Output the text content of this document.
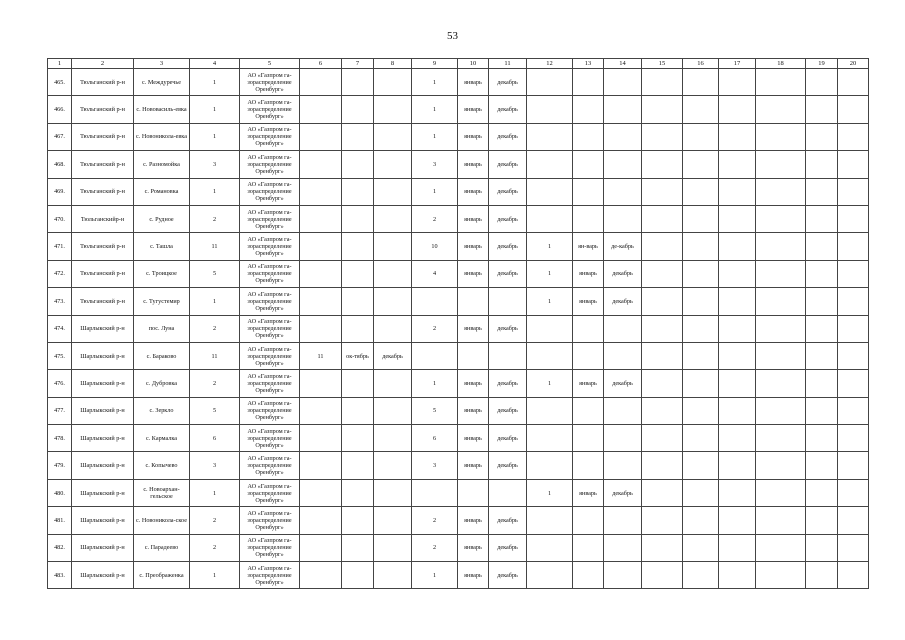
53
1	2	3	4	5	6	7	8	9	10	11	12	13	14	15	16	17	18	19	20
465.	Тюльганский р-н	с. Междуречье	1	АО «Газпром га-
зораспределение
Оренбург»				1	январь	декабрь									
466.	Тюльганский р-н	с. Нововасиль-евка	1	АО «Газпром га-
зораспределение
Оренбург»				1	январь	декабрь									
467.	Тюльганский р-н	с. Новоникола-евка	1	АО «Газпром га-
зораспределение
Оренбург»				1	январь	декабрь									
468.	Тюльганский р-н	с. Разномойка	3	АО «Газпром га-
зораспределение
Оренбург»				3	январь	декабрь									
469.	Тюльганский р-н	с. Романовка	1	АО «Газпром га-
зораспределение
Оренбург»				1	январь	декабрь									
470.	Тюльганскийр-н	с. Рудное	2	АО «Газпром га-
зораспределение
Оренбург»				2	январь	декабрь									
471.	Тюльганский р-н	с. Ташла	11	АО «Газпром га-
зораспределение
Оренбург»				10	январь	декабрь	1	ян-варь	де-кабрь						
472.	Тюльганский р-н	с. Троицкое	5	АО «Газпром га-
зораспределение
Оренбург»				4	январь	декабрь	1	январь	декабрь						
473.	Тюльганский р-н	с. Тугустемир	1	АО «Газпром га-
зораспределение
Оренбург»							1	январь	декабрь						
474.	Шарлыкский р-н	пос. Луна	2	АО «Газпром га-
зораспределение
Оренбург»				2	январь	декабрь									
475.	Шарлыкский р-н	с. Бараково	11	АО «Газпром га-
зораспределение
Оренбург»	11	ок-тябрь	декабрь												
476.	Шарлыкский р-н	с. Дубровка	2	АО «Газпром га-
зораспределение
Оренбург»				1	январь	декабрь	1	январь	декабрь						
477.	Шарлыкский р-н	с. Зерклo	5	АО «Газпром га-
зораспределение
Оренбург»				5	январь	декабрь									
478.	Шарлыкский р-н	с. Кармалка	6	АО «Газпром га-
зораспределение
Оренбург»				6	январь	декабрь									
479.	Шарлыкский р-н	с. Копычево	3	АО «Газпром га-
зораспределение
Оренбург»				3	январь	декабрь									
480.	Шарлыкский р-н	с. Новоархан-гельское	1	АО «Газпром га-
зораспределение
Оренбург»							1	январь	декабрь						
481.	Шарлыкский р-н	с. Новоникола-ское	2	АО «Газпром га-
зораспределение
Оренбург»				2	январь	декабрь									
482.	Шарлыкский р-н	с. Парадеево	2	АО «Газпром га-
зораспределение
Оренбург»				2	январь	декабрь									
483.	Шарлыкский р-н	с. Преображенка	1	АО «Газпром га-
зораспределение
Оренбург»				1	январь	декабрь									
